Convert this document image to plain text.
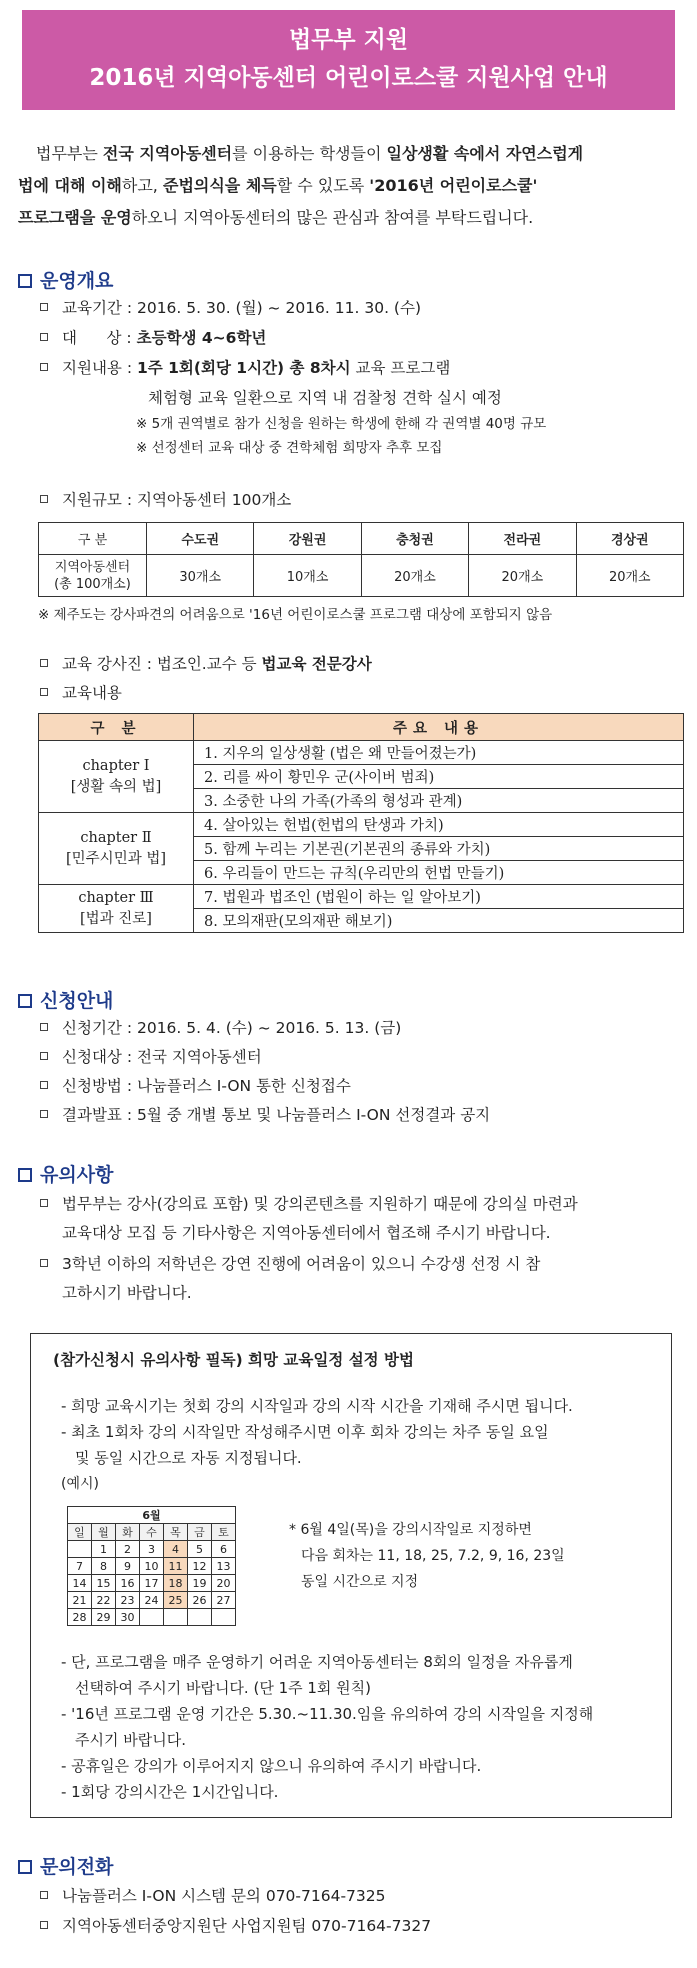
법무부 지원
2016년 지역아동센터 어린이로스쿨 지원사업 안내
법무부는 전국 지역아동센터를 이용하는 학생들이 일상생활 속에서 자연스럽게
법에 대해 이해하고, 준법의식을 체득할 수 있도록 '2016년 어린이로스쿨'
프로그램을 운영하오니 지역아동센터의 많은 관심과 참여를 부탁드립니다.
운영개요
교육기간 : 2016. 5. 30. (월) ~ 2016. 11. 30. (수)
대      상 : 초등학생 4~6학년
지원내용 : 1주 1회(회당 1시간) 총 8차시 교육 프로그램
체험형 교육 일환으로 지역 내 검찰청 견학 실시 예정
※ 5개 권역별로 참가 신청을 원하는 학생에 한해 각 권역별 40명 규모
※ 선정센터 교육 대상 중 견학체험 희망자 추후 모집
지원규모 : 지역아동센터 100개소
구 분	수도권	강원권	충청권	전라권	경상권

지역아동센터
(총 100개소)	30개소	10개소	20개소	20개소	20개소
※ 제주도는 강사파견의 어려움으로 '16년 어린이로스쿨 프로그램 대상에 포함되지 않음
교육 강사진 : 법조인.교수 등 법교육 전문강사
교육내용
구 분	주요 내용

chapter Ⅰ
[생활 속의 법]	1. 지우의 일상생활 (법은 왜 만들어졌는가)
	2. 리를 싸이 황민우 군(사이버 범죄)
	3. 소중한 나의 가족(가족의 형성과 관계)

chapter Ⅱ
[민주시민과 법]	4. 살아있는 헌법(헌법의 탄생과 가치)
	5. 함께 누리는 기본권(기본권의 종류와 가치)
	6. 우리들이 만드는 규칙(우리만의 헌법 만들기)

chapter Ⅲ
[법과 진로]	7. 법원과 법조인 (법원이 하는 일 알아보기)
	8. 모의재판(모의재판 해보기)
신청안내
신청기간 : 2016. 5. 4. (수) ~ 2016. 5. 13. (금)
신청대상 : 전국 지역아동센터
신청방법 : 나눔플러스 I-ON 통한 신청접수
결과발표 : 5월 중 개별 통보 및 나눔플러스 I-ON 선정결과 공지
유의사항
법무부는 강사(강의료 포함) 및 강의콘텐츠를 지원하기 때문에 강의실 마련과
교육대상 모집 등 기타사항은 지역아동센터에서 협조해 주시기 바랍니다.
3학년 이하의 저학년은 강연 진행에 어려움이 있으니 수강생 선정 시 참
고하시기 바랍니다.
(참가신청시 유의사항 필독) 희망 교육일정 설정 방법
- 희망 교육시기는 첫회 강의 시작일과 강의 시작 시간을 기재해 주시면 됩니다.
- 최초 1회차 강의 시작일만 작성해주시면 이후 회차 강의는 차주 동일 요일
및 동일 시간으로 자동 지정됩니다.
(예시)
6월						
일	월	화	수	목	금	토
	1	2	3	4	5	6
7	8	9	10	11	12	13
14	15	16	17	18	19	20
21	22	23	24	25	26	27
28	29	30				
* 6월 4일(목)을 강의시작일로 지정하면
다음 회차는 11, 18, 25, 7.2, 9, 16, 23일
동일 시간으로 지정
- 단, 프로그램을 매주 운영하기 어려운 지역아동센터는 8회의 일정을 자유롭게
선택하여 주시기 바랍니다. (단 1주 1회 원칙)
- '16년 프로그램 운영 기간은 5.30.~11.30.임을 유의하여 강의 시작일을 지정해
주시기 바랍니다.
- 공휴일은 강의가 이루어지지 않으니 유의하여 주시기 바랍니다.
- 1회당 강의시간은 1시간입니다.
문의전화
나눔플러스 I-ON 시스템 문의 070-7164-7325
지역아동센터중앙지원단 사업지원팀 070-7164-7327
